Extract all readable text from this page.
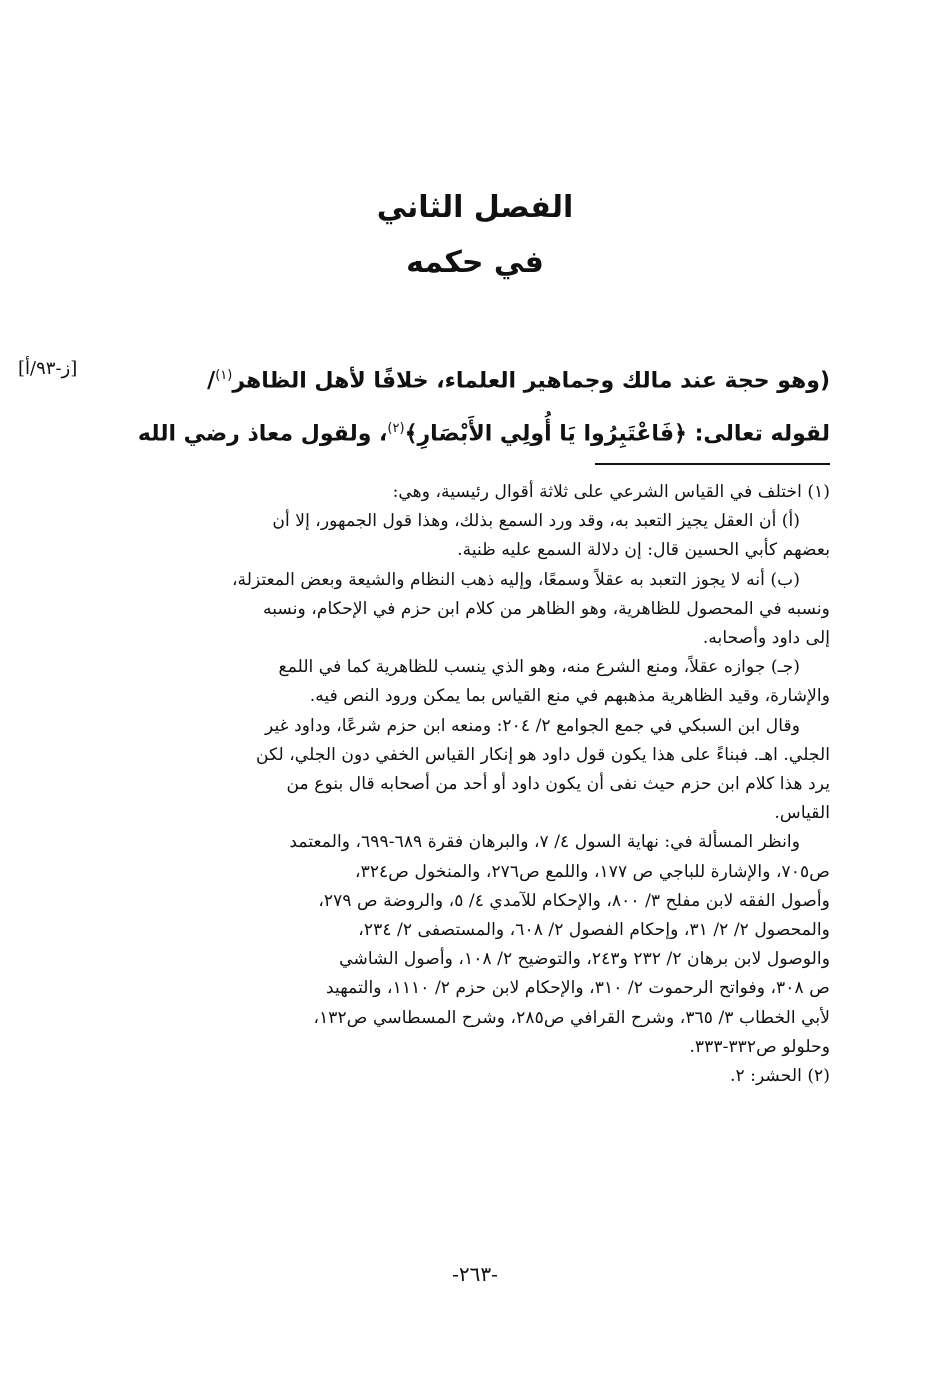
الفصل الثاني
في حكمه
[ز-٩٣/أ]	(وهو حجة عند مالك وجماهير العلماء، خلافًا لأهل الظاهر$^{(١)}$/
لقوله تعالى: ﴿فَاعْتَبِرُوا يَا أُولِي الأَبْصَارِ﴾$^{(٢)}$، ولقول معاذ رضي الله
(١) اختلف في القياس الشرعي على ثلاثة أقوال رئيسية، وهي:
(أ) أن العقل يجيز التعبد به، وقد ورد السمع بذلك، وهذا قول الجمهور، إلا أن
بعضهم كأبي الحسين قال: إن دلالة السمع عليه ظنية.
(ب) أنه لا يجوز التعبد به عقلاً وسمعًا، وإليه ذهب النظام والشيعة وبعض المعتزلة،
ونسبه في المحصول للظاهرية، وهو الظاهر من كلام ابن حزم في الإحكام، ونسبه
إلى داود وأصحابه.
(جـ) جوازه عقلاً، ومنع الشرع منه، وهو الذي ينسب للظاهرية كما في اللمع
والإشارة، وقيد الظاهرية مذهبهم في منع القياس بما يمكن ورود النص فيه.
وقال ابن السبكي في جمع الجوامع ٢/ ٢٠٤: ومنعه ابن حزم شرعًا، وداود غير
الجلي. اهـ. فبناءً على هذا يكون قول داود هو إنكار القياس الخفي دون الجلي، لكن
يرد هذا كلام ابن حزم حيث نفى أن يكون داود أو أحد من أصحابه قال بنوع من
القياس.
وانظر المسألة في: نهاية السول ٤/ ٧، والبرهان فقرة ٦٨٩-٦٩٩، والمعتمد
ص٧٠٥، والإشارة للباجي ص ١٧٧، واللمع ص٢٧٦، والمنخول ص٣٢٤،
وأصول الفقه لابن مفلح ٣/ ٨٠٠، والإحكام للآمدي ٤/ ٥، والروضة ص ٢٧٩،
والمحصول ٢/ ٢/ ٣١، وإحكام الفصول ٢/ ٦٠٨، والمستصفى ٢/ ٢٣٤،
والوصول لابن برهان ٢/ ٢٣٢ و٢٤٣، والتوضيح ٢/ ١٠٨، وأصول الشاشي
ص ٣٠٨، وفواتح الرحموت ٢/ ٣١٠، والإحكام لابن حزم ٢/ ١١١٠، والتمهيد
لأبي الخطاب ٣/ ٣٦٥، وشرح القرافي ص٢٨٥، وشرح المسطاسي ص١٣٢،
وحلولو ص٣٣٢-٣٣٣.
(٢) الحشر: ٢.
-٢٦٣-
